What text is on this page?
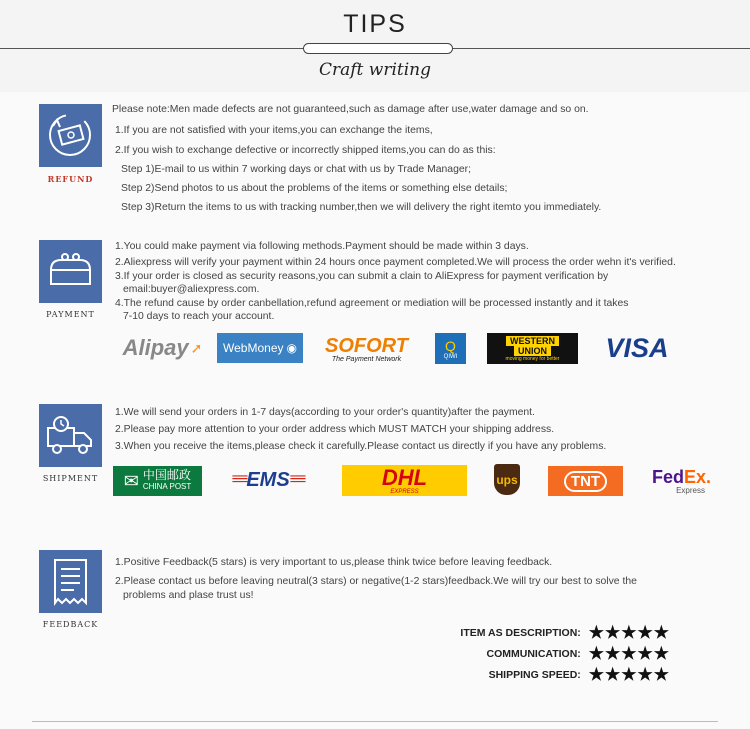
TIPS
Craft writing
REFUND
Please note:Men made defects are not guaranteed,such as damage after use,water damage and so on.
1.If you are not satisfied with your items,you can exchange the items,
2.If you wish to exchange defective or incorrectly shipped items,you can do as this:
Step 1)E-mail to us within 7 working days or chat with us by Trade Manager;
Step 2)Send photos to us about the problems of the items or something else details;
Step 3)Return the items to us with tracking number,then we will delivery the right itemto you immediately.
PAYMENT
1.You could make payment via following methods.Payment should be made within 3 days.
2.Aliexpress will verify your payment within 24 hours once payment completed.We will process the order wehn it's verified.
3.If your order is closed as security reasons,you can submit a clain to AliExpress for payment verification by
email:buyer@aliexpress.com.
4.The refund cause by order canbellation,refund agreement or mediation will be processed instantly and it takes
7-10 days to reach your account.
Alipay ➚ WebMoney ◉ SOFORT
The Payment Network
Q
QIWI
WESTERN
UNION
moving money for better VISA
SHIPMENT
1.We will send your orders in 1-7 days(according to your order's quantity)after the payment.
2.Please pay more attention to your order address which MUST MATCH your shipping address.
3.When you receive the items,please check it carefully.Please contact us directly if you have any problems.
✉ 中国邮政
CHINA POST	≡≡ EMS ≡≡	DHL
EXPRESS
ups	TNT	FedEx.
Express
FEEDBACK
1.Positive Feedback(5 stars) is very important to us,please think twice before leaving feedback.
2.Please contact us before leaving neutral(3 stars) or negative(1-2 stars)feedback.We will try our best to solve the
problems and plase trust us!
ITEM AS DESCRIPTION: ★★★★★
COMMUNICATION: ★★★★★
SHIPPING SPEED: ★★★★★
